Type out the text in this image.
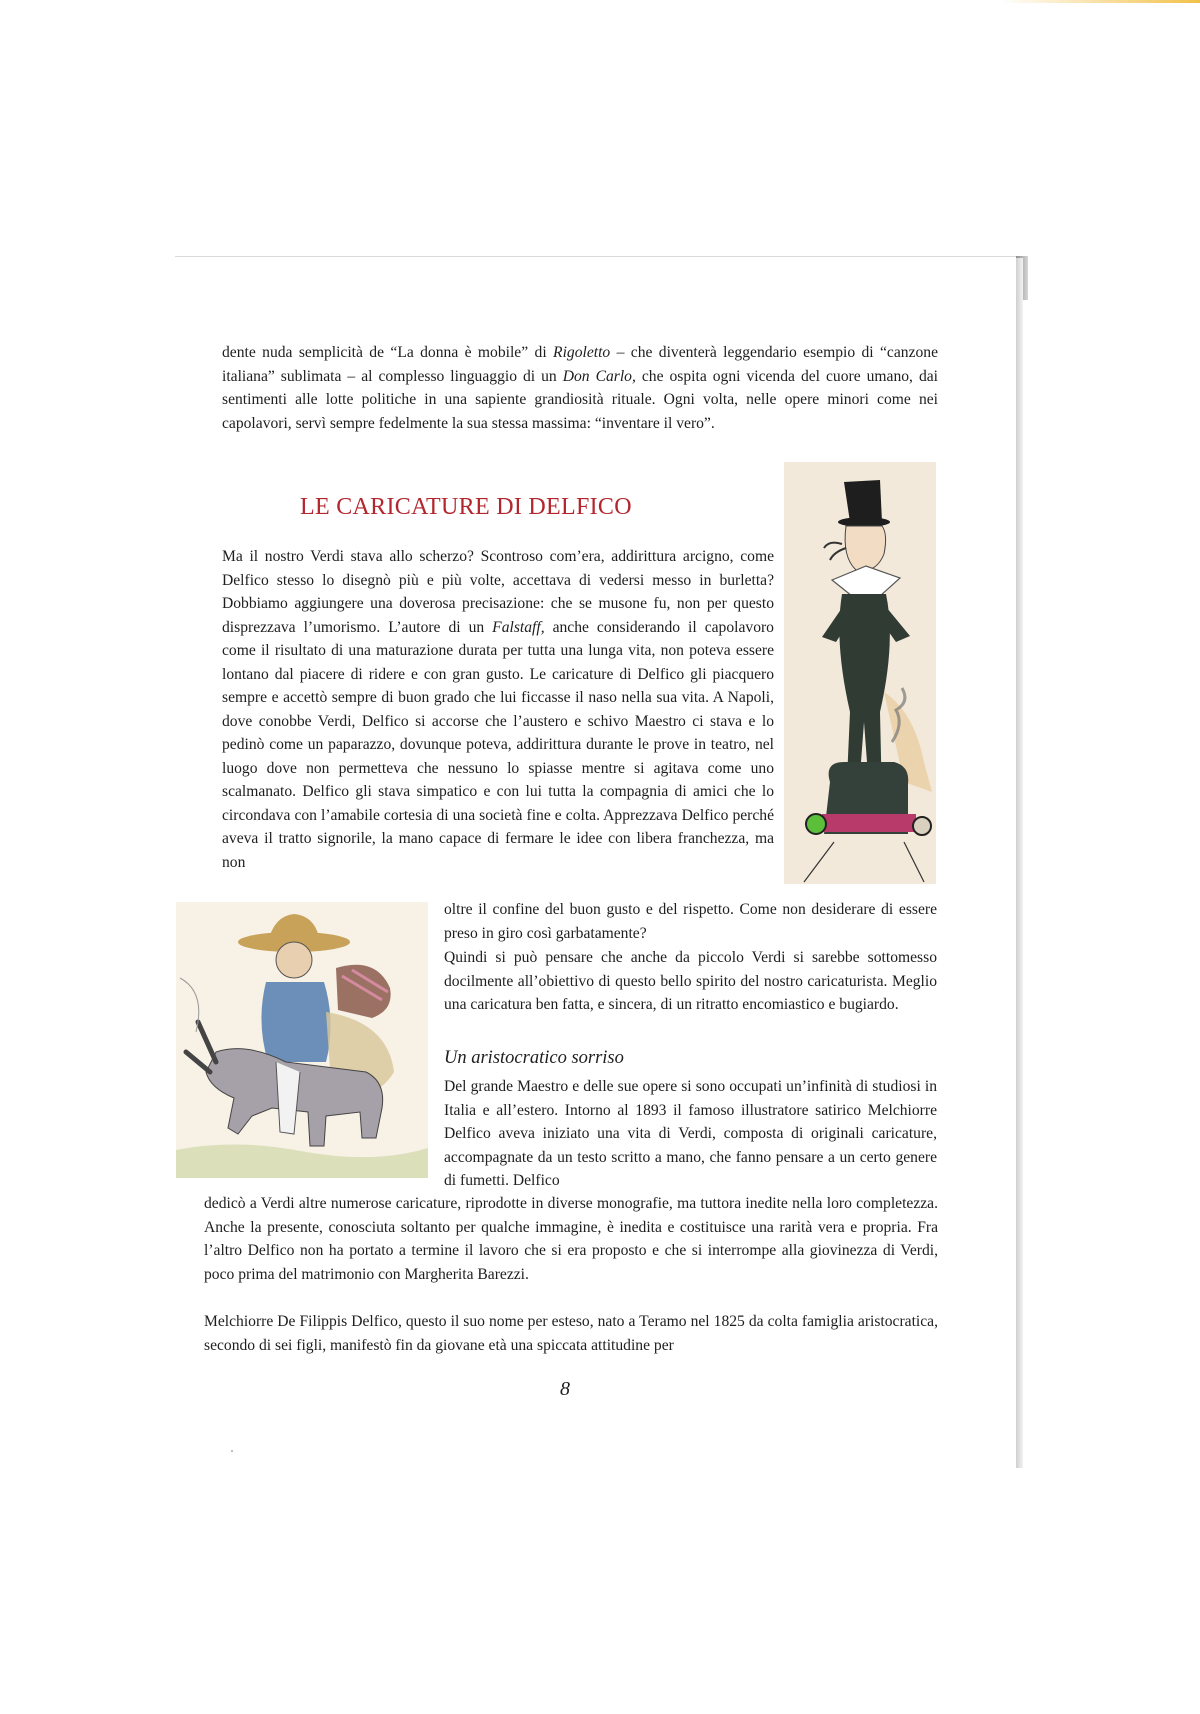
dente nuda semplicità de “La donna è mobile” di Rigoletto – che diventerà leggendario esempio di “canzone italiana” sublimata – al complesso linguaggio di un Don Carlo, che ospita ogni vicenda del cuore umano, dai sentimenti alle lotte politiche in una sapiente grandiosità rituale. Ogni volta, nelle opere minori come nei capolavori, servì sempre fedelmente la sua stessa massima: “inventare il vero”.

LE CARICATURE DI DELFICO

Ma il nostro Verdi stava allo scherzo? Scontroso com’era, addirittura arcigno, come Delfico stesso lo disegnò più e più volte, accettava di vedersi messo in burletta? Dobbiamo aggiungere una doverosa precisazione: che se musone fu, non per questo disprezzava l’umorismo. L’autore di un Falstaff, anche considerando il capolavoro come il risultato di una maturazione durata per tutta una lunga vita, non poteva essere lontano dal piacere di ridere e con gran gusto. Le caricature di Delfico gli piacquero sempre e accettò sempre di buon grado che lui ficcasse il naso nella sua vita. A Napoli, dove conobbe Verdi, Delfico si accorse che l’austero e schivo Maestro ci stava e lo pedinò come un paparazzo, dovunque poteva, addirittura durante le prove in teatro, nel luogo dove non permetteva che nessuno lo spiasse mentre si agitava come uno scalmanato. Delfico gli stava simpatico e con lui tutta la compagnia di amici che lo circondava con l’amabile cortesia di una società fine e colta. Apprezzava Delfico perché aveva il tratto signorile, la mano capace di fermare le idee con libera franchezza, ma non

oltre il confine del buon gusto e del rispetto. Come non desiderare di essere preso in giro così garbatamente?

Quindi si può pensare che anche da piccolo Verdi si sarebbe sottomesso docilmente all’obiettivo di questo bello spirito del nostro caricaturista. Meglio una caricatura ben fatta, e sincera, di un ritratto encomiastico e bugiardo.

Un aristocratico sorriso

Del grande Maestro e delle sue opere si sono occupati un’infinità di studiosi in Italia e all’estero. Intorno al 1893 il famoso illustratore satirico Melchiorre Delfico aveva iniziato una vita di Verdi, composta di originali caricature, accompagnate da un testo scritto a mano, che fanno pensare a un certo genere di fumetti. Delfico

dedicò a Verdi altre numerose caricature, riprodotte in diverse monografie, ma tuttora inedite nella loro completezza. Anche la presente, conosciuta soltanto per qualche immagine, è inedita e costituisce una rarità vera e propria. Fra l’altro Delfico non ha portato a termine il lavoro che si era proposto e che si interrompe alla giovinezza di Verdi, poco prima del matrimonio con Margherita Barezzi.

Melchiorre De Filippis Delfico, questo il suo nome per esteso, nato a Teramo nel 1825 da colta famiglia aristocratica, secondo di sei figli, manifestò fin da giovane età una spiccata attitudine per

8
